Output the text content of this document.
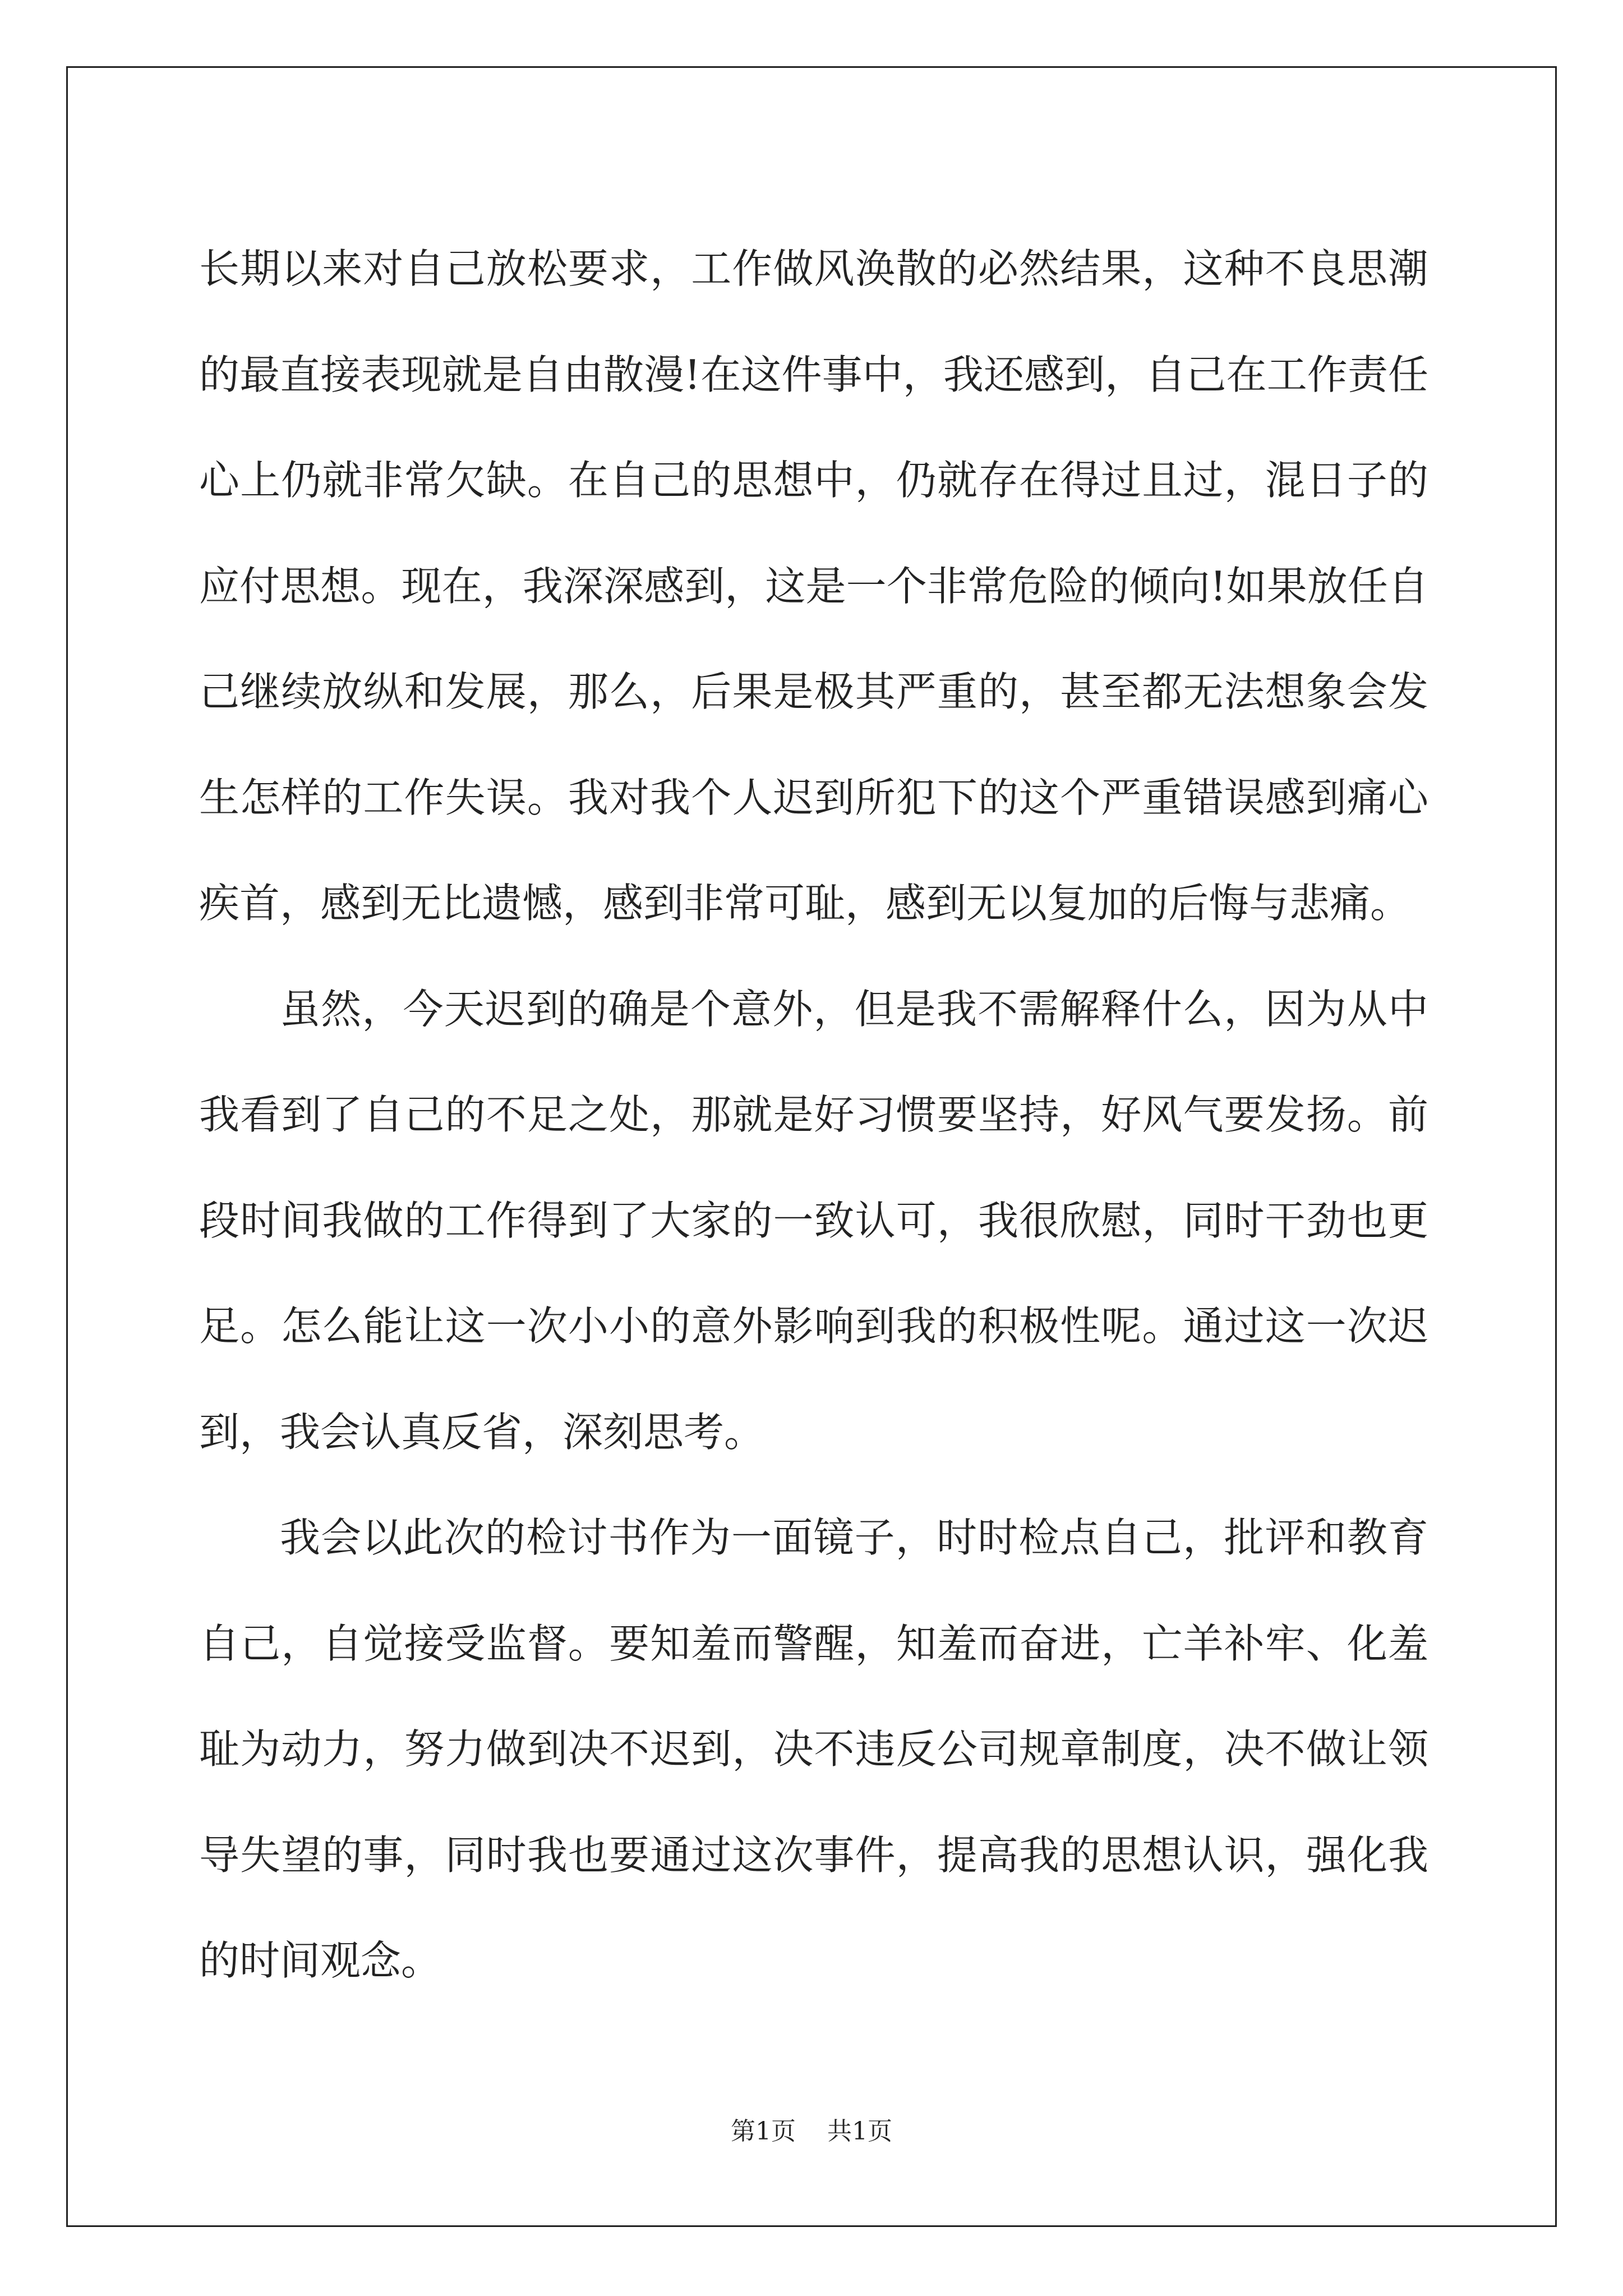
长期以来对自己放松要求，工作做风涣散的必然结果，这种不良思潮的最直接表现就是自由散漫!在这件事中，我还感到，自己在工作责任心上仍就非常欠缺。在自己的思想中，仍就存在得过且过，混日子的应付思想。现在，我深深感到，这是一个非常危险的倾向!如果放任自己继续放纵和发展，那么，后果是极其严重的，甚至都无法想象会发生怎样的工作失误。我对我个人迟到所犯下的这个严重错误感到痛心疾首，感到无比遗憾，感到非常可耻，感到无以复加的后悔与悲痛。

虽然，今天迟到的确是个意外，但是我不需解释什么，因为从中我看到了自己的不足之处，那就是好习惯要坚持，好风气要发扬。前段时间我做的工作得到了大家的一致认可，我很欣慰，同时干劲也更足。怎么能让这一次小小的意外影响到我的积极性呢。通过这一次迟到，我会认真反省，深刻思考。

我会以此次的检讨书作为一面镜子，时时检点自己，批评和教育自己，自觉接受监督。要知羞而警醒，知羞而奋进，亡羊补牢、化羞耻为动力，努力做到决不迟到，决不违反公司规章制度，决不做让领导失望的事，同时我也要通过这次事件，提高我的思想认识，强化我的时间观念。

第1页 共1页
